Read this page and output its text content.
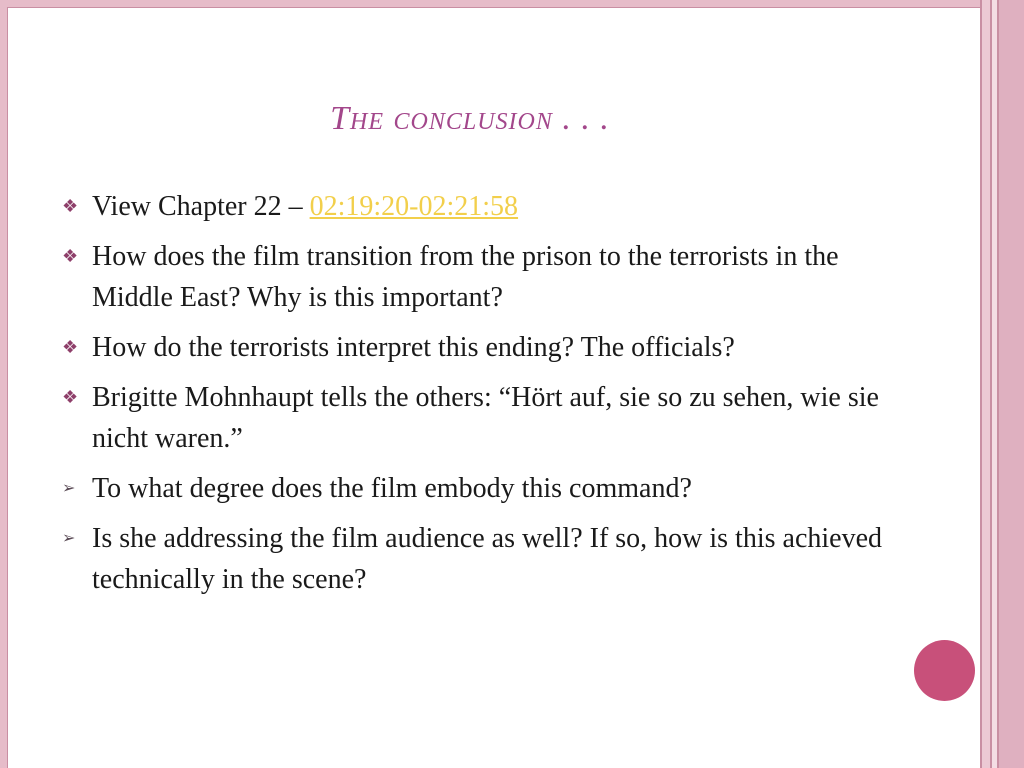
The conclusion . . .
❖ View Chapter 22 – 02:19:20-02:21:58
❖ How does the film transition from the prison to the terrorists in the Middle East? Why is this important?
❖ How do the terrorists interpret this ending? The officials?
❖ Brigitte Mohnhaupt tells the others: “Hört auf, sie so zu sehen, wie sie nicht waren.”
➢ To what degree does the film embody this command?
➢ Is she addressing the film audience as well? If so, how is this achieved technically in the scene?
